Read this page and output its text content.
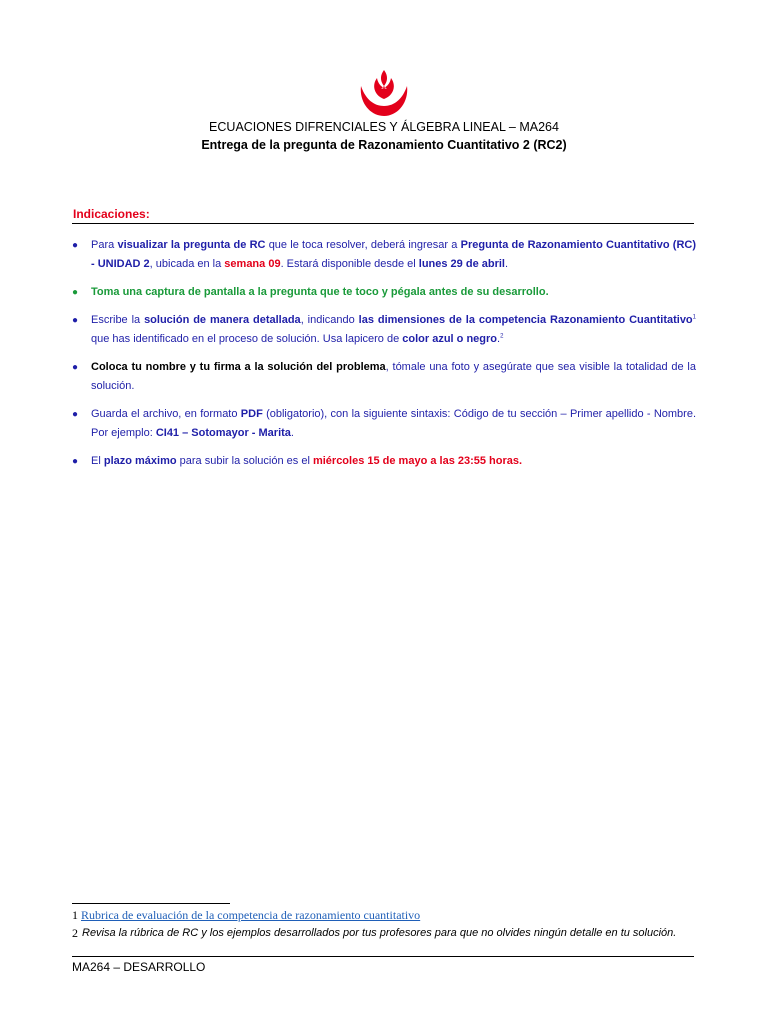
ECUACIONES DIFRENCIALES Y ÁLGEBRA LINEAL – MA264
Entrega de la pregunta de Razonamiento Cuantitativo 2 (RC2)
Indicaciones:
● Para visualizar la pregunta de RC que le toca resolver, deberá ingresar a Pregunta de Razonamiento Cuantitativo (RC) - UNIDAD 2, ubicada en la semana 09. Estará disponible desde el lunes 29 de abril.
● Toma una captura de pantalla a la pregunta que te toco y pégala antes de su desarrollo.
● Escribe la solución de manera detallada, indicando las dimensiones de la competencia Razonamiento Cuantitativo$^1$ que has identificado en el proceso de solución. Usa lapicero de color azul o negro.$^2$
● Coloca tu nombre y tu firma a la solución del problema, tómale una foto y asegúrate que sea visible la totalidad de la solución.
● Guarda el archivo, en formato PDF (obligatorio), con la siguiente sintaxis: Código de tu sección – Primer apellido - Nombre. Por ejemplo: CI41 – Sotomayor - Marita.
● El plazo máximo para subir la solución es el miércoles 15 de mayo a las 23:55 horas.
1 Rubrica de evaluación de la competencia de razonamiento cuantitativo
2 Revisa la rúbrica de RC y los ejemplos desarrollados por tus profesores para que no olvides ningún detalle en tu solución.
MA264 – DESARROLLO
